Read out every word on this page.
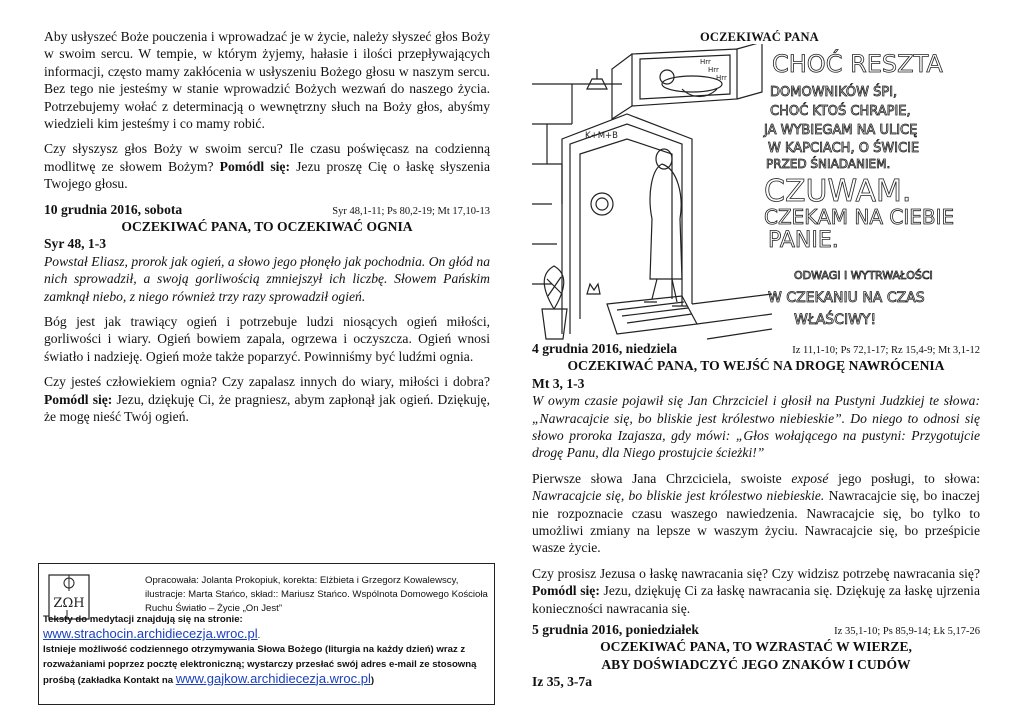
Aby usłyszeć Boże pouczenia i wprowadzać je w życie, należy słyszeć głos Boży w swoim sercu. W tempie, w którym żyjemy, hałasie i ilości przepływających informacji, często mamy zakłócenia w usłyszeniu Bożego głosu w naszym sercu. Bez tego nie jesteśmy w stanie wprowadzić Bożych wezwań do naszego życia. Potrzebujemy wołać z determinacją o wewnętrzny słuch na Boży głos, abyśmy wiedzieli kim jesteśmy i co mamy robić.

Czy słyszysz głos Boży w swoim sercu? Ile czasu poświęcasz na codzienną modlitwę ze słowem Bożym? Pomódl się: Jezu proszę Cię o łaskę słyszenia Twojego głosu.

10 grudnia 2016, sobota	Syr 48,1-11; Ps 80,2-19; Mt 17,10-13
OCZEKIWAĆ PANA, TO OCZEKIWAĆ OGNIA
Syr 48, 1-3

Powstał Eliasz, prorok jak ogień, a słowo jego płonęło jak pochodnia. On głód na nich sprowadził, a swoją gorliwością zmniejszył ich liczbę. Słowem Pańskim zamknął niebo, z niego również trzy razy sprowadził ogień.

Bóg jest jak trawiący ogień i potrzebuje ludzi niosących ogień miłości, gorliwości i wiary. Ogień bowiem zapala, ogrzewa i oczyszcza. Ogień wnosi światło i nadzieję. Ogień może także poparzyć. Powinniśmy być ludźmi ognia.

Czy jesteś człowiekiem ognia? Czy zapalasz innych do wiary, miłości i dobra? Pomódl się: Jezu, dziękuję Ci, że pragniesz, abym zapłonął jak ogień. Dziękuję, że mogę nieść Twój ogień.

ΖΩΗ
Opracowała: Jolanta Prokopiuk, korekta: Elżbieta i Grzegorz Kowalewscy,
ilustracje: Marta Stańco, skład:: Mariusz Stańco. Wspólnota Domowego Kościoła Ruchu Światło – Życie „On Jest”
Teksty do medytacji znajdują się na stronie:
www.strachocin.archidiecezja.wroc.pl.
Istnieje możliwość codziennego otrzymywania Słowa Bożego (liturgia na każdy dzień) wraz z rozważaniami poprzez pocztę elektroniczną; wystarczy przesłać swój adres e-mail ze stosowną prośbą (zakładka Kontakt na www.gajkow.archidiecezja.wroc.pl)
OCZEKIWAĆ PANA
K+M+B
Hrr
Hrr
Hrr CHOĆ RESZTA
DOMOWNIKÓW ŚPI,
CHOĆ KTOŚ CHRAPIE,
JA WYBIEGAM NA ULICĘ
W KAPCIACH, O ŚWICIE
PRZED ŚNIADANIEM.
CZUWAM.
CZEKAM NA CIEBIE
PANIE.
ODWAGI I WYTRWAŁOŚCI
W CZEKANIU NA CZAS
WŁAŚCIWY!
4 grudnia 2016, niedziela	Iz 11,1-10; Ps 72,1-17; Rz 15,4-9; Mt 3,1-12
OCZEKIWAĆ PANA, TO WEJŚĆ NA DROGĘ NAWRÓCENIA
Mt 3, 1-3

W owym czasie pojawił się Jan Chrzciciel i głosił na Pustyni Judzkiej te słowa: „Nawracajcie się, bo bliskie jest królestwo niebieskie”. Do niego to odnosi się słowo proroka Izajasza, gdy mówi: „Głos wołającego na pustyni: Przygotujcie drogę Panu, dla Niego prostujcie ścieżki!”

Pierwsze słowa Jana Chrzciciela, swoiste exposé jego posługi, to słowa: Nawracajcie się, bo bliskie jest królestwo niebieskie. Nawracajcie się, bo inaczej nie rozpoznacie czasu waszego nawiedzenia. Nawracajcie się, bo tylko to umożliwi zmiany na lepsze w waszym życiu. Nawracajcie się, bo prześpicie wasze życie.

Czy prosisz Jezusa o łaskę nawracania się? Czy widzisz potrzebę nawracania się? Pomódl się: Jezu, dziękuję Ci za łaskę nawracania się. Dziękuję za łaskę ujrzenia konieczności nawracania się.

5 grudnia 2016, poniedziałek	Iz 35,1-10; Ps 85,9-14; Łk 5,17-26
OCZEKIWAĆ PANA, TO WZRASTAĆ W WIERZE,
ABY DOŚWIADCZYĆ JEGO ZNAKÓW I CUDÓW
Iz 35, 3-7a
